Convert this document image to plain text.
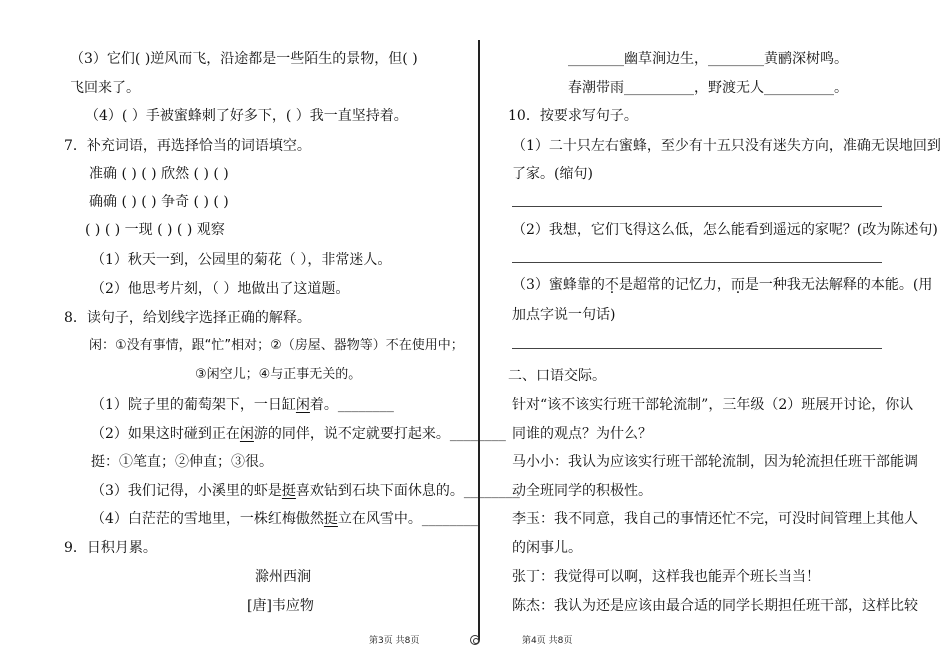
（3）它们( )逆风而飞，沿途都是一些陌生的景物，但( )
飞回来了。
（4）( ）手被蜜蜂刺了好多下，( ）我一直坚持着。
7．补充词语，再选择恰当的词语填空。
准确 ( ) ( ) 欣然 ( ) ( )
确确 ( ) ( ) 争奇 ( ) ( )
( ) ( ) 一现 ( ) ( ) 观察
（1）秋天一到，公园里的菊花（ ），非常迷人。
（2）他思考片刻，（ ）地做出了这道题。
8．读句子，给划线字选择正确的解释。
闲：①没有事情，跟“忙”相对；②（房屋、器物等）不在使用中；
③闲空儿；④与正事无关的。
（1）院子里的葡萄架下，一日缸闲着。________
（2）如果这时碰到正在闲游的同伴，说不定就要打起来。________
挺：①笔直；②伸直；③很。
（3）我们记得，小溪里的虾是挺喜欢钻到石块下面休息的。________
（4）白茫茫的雪地里，一株红梅傲然挺立在风雪中。________
9．日积月累。
滁州西涧
[唐]韦应物
________幽草涧边生，________黄鹂深树鸣。
春潮带雨__________，野渡无人__________。
10．按要求写句子。
（1）二十只左右蜜蜂，至少有十五只没有迷失方向，准确无误地回到
了家。(缩句)
（2）我想，它们飞得这么低，怎么能看到遥远的家呢？(改为陈述句)
（3）蜜蜂靠的不是超常的记忆力，而是一种我无法解释的本能。(用
加点字说一句话)
二、口语交际。
针对“该不该实行班干部轮流制”，三年级（2）班展开讨论，你认
同谁的观点？为什么？
马小小：我认为应该实行班干部轮流制，因为轮流担任班干部能调
动全班同学的积极性。
李玉：我不同意，我自己的事情还忙不完，可没时间管理上其他人
的闲事儿。
张丁：我觉得可以啊，这样我也能弄个班长当当！
陈杰：我认为还是应该由最合适的同学长期担任班干部，这样比较
第3页 共8页	第4页 共8页
